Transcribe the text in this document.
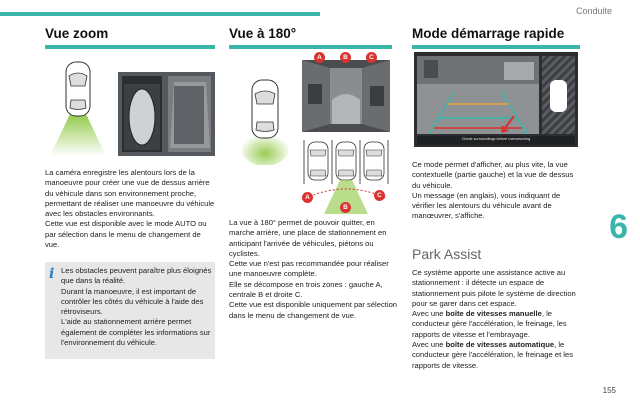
Conduite
Vue zoom

La caméra enregistre les alentours lors de la manoeuvre pour créer une vue de dessus arrière du véhicule dans son environnement proche, permettant de réaliser une manoeuvre du véhicule avec les obstacles environnants.

Cette vue est disponible avec le mode AUTO ou par sélection dans le menu de changement de vue.

i Les obstacles peuvent paraître plus éloignés que dans la réalité.

Durant la manoeuvre, il est important de contrôler les côtés du véhicule à l'aide des rétroviseurs.

L'aide au stationnement arrière permet également de compléter les informations sur l'environnement du véhicule.

Vue à 180°
A	B	C
A
B
C

La vue à 180° permet de pouvoir quitter, en marche arrière, une place de stationnement en anticipant l'arrivée de véhicules, piétons ou cyclistes.

Cette vue n'est pas recommandée pour réaliser une manoeuvre complète.

Elle se décompose en trois zones : gauche A, centrale B et droite C.

Cette vue est disponible uniquement par sélection dans le menu de changement de vue.

Mode démarrage rapide
Check surroundings before manoeuvring

Ce mode permet d'afficher, au plus vite, la vue contextuelle (partie gauche) et la vue de dessus du véhicule.

Un message (en anglais), vous indiquant de vérifier les alentours du véhicule avant de manœuvrer, s'affiche.

Park Assist

Ce système apporte une assistance active au stationnement : il détecte un espace de stationnement puis pilote le système de direction pour se garer dans cet espace.

Avec une boîte de vitesses manuelle, le conducteur gère l'accélération, le freinage, les rapports de vitesse et l'embrayage.

Avec une boîte de vitesses automatique, le conducteur gère l'accélération, le freinage et les rapports de vitesse.

6
155
